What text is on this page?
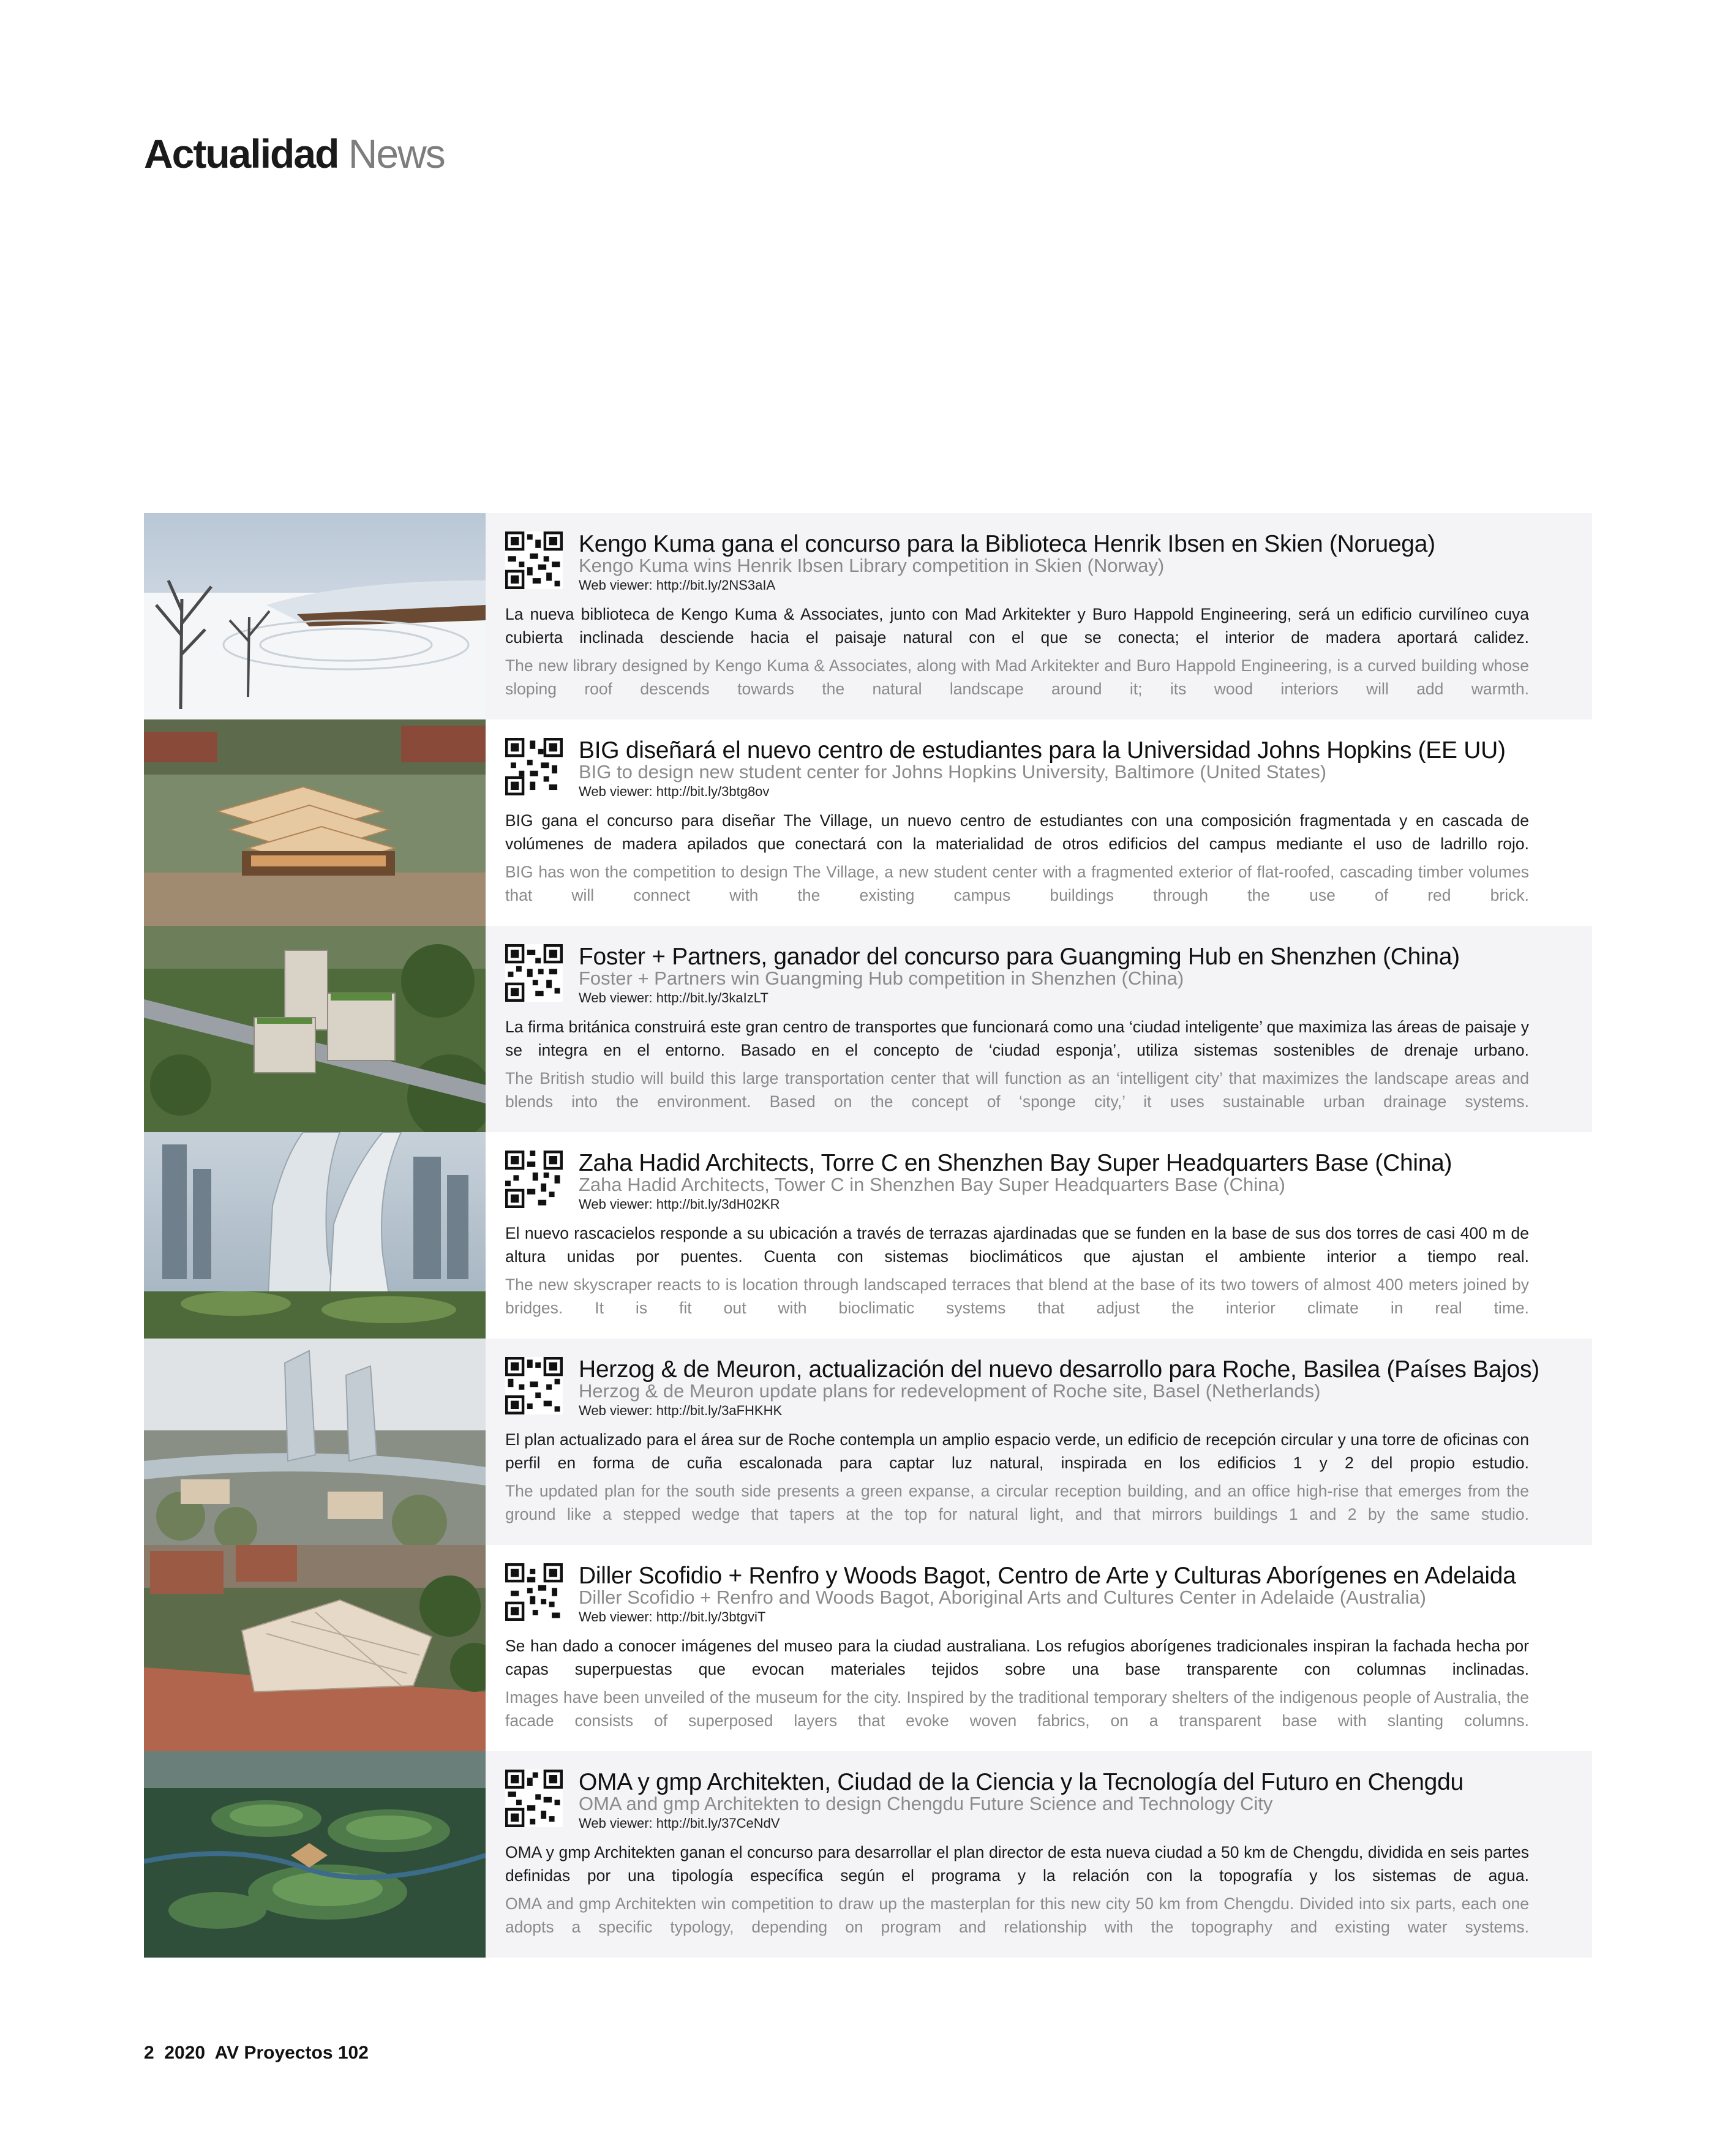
Actualidad News
Kengo Kuma gana el concurso para la Biblioteca Henrik Ibsen en Skien (Noruega)
Kengo Kuma wins Henrik Ibsen Library competition in Skien (Norway)
Web viewer: http://bit.ly/2NS3aIA
La nueva biblioteca de Kengo Kuma & Associates, junto con Mad Arkitekter y Buro Happold Engineering, será un edificio curvilíneo cuya cubierta inclinada desciende hacia el paisaje natural con el que se conecta; el interior de madera aportará calidez.
The new library designed by Kengo Kuma & Associates, along with Mad Arkitekter and Buro Happold Engineering, is a curved building whose sloping roof descends towards the natural landscape around it; its wood interiors will add warmth.
BIG diseñará el nuevo centro de estudiantes para la Universidad Johns Hopkins (EE UU)
BIG to design new student center for Johns Hopkins University, Baltimore (United States)
Web viewer: http://bit.ly/3btg8ov
BIG gana el concurso para diseñar The Village, un nuevo centro de estudiantes con una composición fragmentada y en cascada de volúmenes de madera apilados que conectará con la materialidad de otros edificios del campus mediante el uso de ladrillo rojo.
BIG has won the competition to design The Village, a new student center with a fragmented exterior of flat-roofed, cascading timber volumes that will connect with the existing campus buildings through the use of red brick.
Foster + Partners, ganador del concurso para Guangming Hub en Shenzhen (China)
Foster + Partners win Guangming Hub competition in Shenzhen (China)
Web viewer: http://bit.ly/3kaIzLT
La firma británica construirá este gran centro de transportes que funcionará como una ‘ciudad inteligente’ que maximiza las áreas de paisaje y se integra en el entorno. Basado en el concepto de ‘ciudad esponja’, utiliza sistemas sostenibles de drenaje urbano.
The British studio will build this large transportation center that will function as an ‘intelligent city’ that maximizes the landscape areas and blends into the environment. Based on the concept of ‘sponge city,’ it uses sustainable urban drainage systems.
Zaha Hadid Architects, Torre C en Shenzhen Bay Super Headquarters Base (China)
Zaha Hadid Architects, Tower C in Shenzhen Bay Super Headquarters Base (China)
Web viewer: http://bit.ly/3dH02KR
El nuevo rascacielos responde a su ubicación a través de terrazas ajardinadas que se funden en la base de sus dos torres de casi 400 m de altura unidas por puentes. Cuenta con sistemas bioclimáticos que ajustan el ambiente interior a tiempo real.
The new skyscraper reacts to is location through landscaped terraces that blend at the base of its two towers of almost 400 meters joined by bridges. It is fit out with bioclimatic systems that adjust the interior climate in real time.
Herzog & de Meuron, actualización del nuevo desarrollo para Roche, Basilea (Países Bajos)
Herzog & de Meuron update plans for redevelopment of Roche site, Basel (Netherlands)
Web viewer: http://bit.ly/3aFHKHK
El plan actualizado para el área sur de Roche contempla un amplio espacio verde, un edificio de recepción circular y una torre de oficinas con perfil en forma de cuña escalonada para captar luz natural, inspirada en los edificios 1 y 2 del propio estudio.
The updated plan for the south side presents a green expanse, a circular reception building, and an office high-rise that emerges from the ground like a stepped wedge that tapers at the top for natural light, and that mirrors buildings 1 and 2 by the same studio.
Diller Scofidio + Renfro y Woods Bagot, Centro de Arte y Culturas Aborígenes en Adelaida
Diller Scofidio + Renfro and Woods Bagot, Aboriginal Arts and Cultures Center in Adelaide (Australia)
Web viewer: http://bit.ly/3btgviT
Se han dado a conocer imágenes del museo para la ciudad australiana. Los refugios aborígenes tradicionales inspiran la fachada hecha por capas superpuestas que evocan materiales tejidos sobre una base transparente con columnas inclinadas.
Images have been unveiled of the museum for the city. Inspired by the traditional temporary shelters of the indigenous people of Australia, the facade consists of superposed layers that evoke woven fabrics, on a transparent base with slanting columns.
OMA y gmp Architekten, Ciudad de la Ciencia y la Tecnología del Futuro en Chengdu
OMA and gmp Architekten to design Chengdu Future Science and Technology City
Web viewer: http://bit.ly/37CeNdV
OMA y gmp Architekten ganan el concurso para desarrollar el plan director de esta nueva ciudad a 50 km de Chengdu, dividida en seis partes definidas por una tipología específica según el programa y la relación con la topografía y los sistemas de agua.
OMA and gmp Architekten win competition to draw up the masterplan for this new city 50 km from Chengdu. Divided into six parts, each one adopts a specific typology, depending on program and relationship with the topography and existing water systems.
2 2020 AV Proyectos 102
